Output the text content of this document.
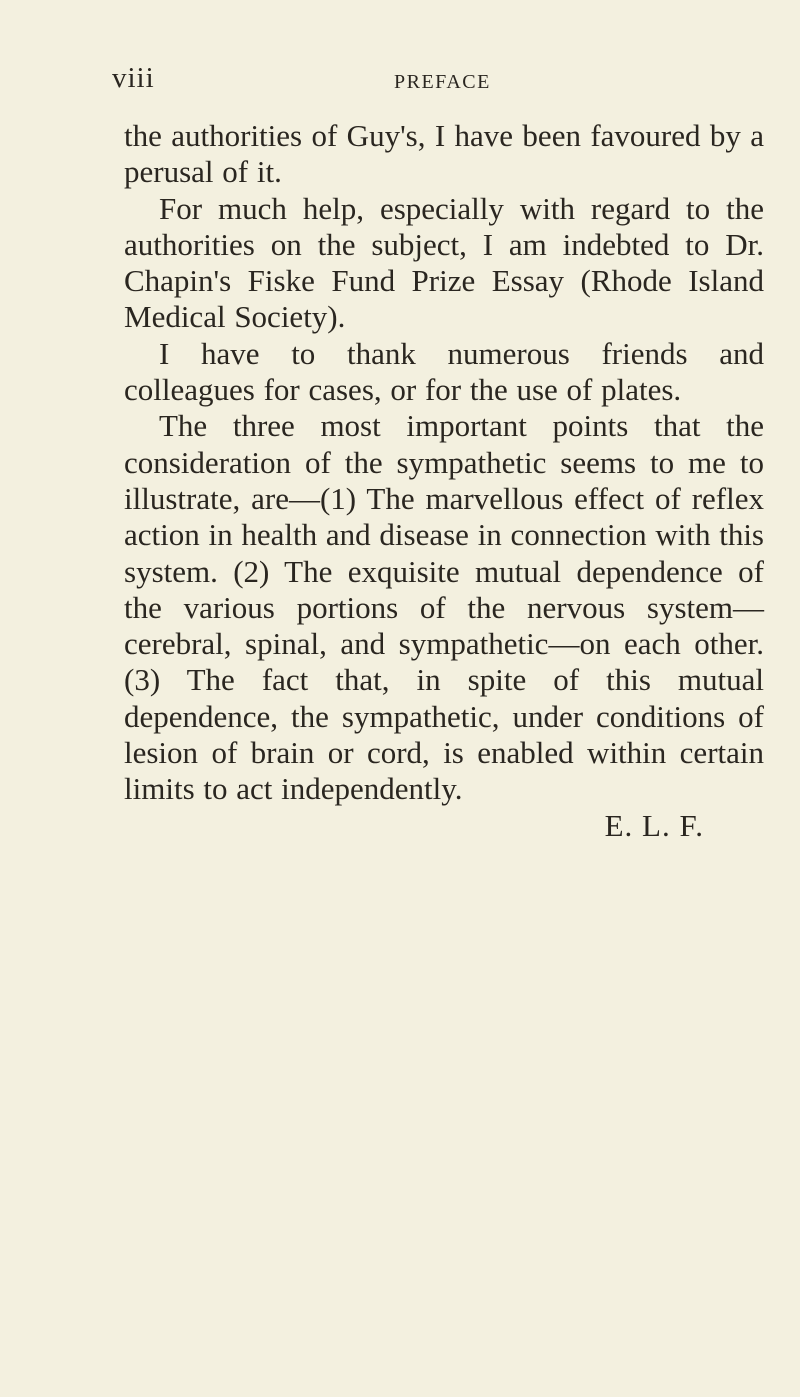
viii	PREFACE

the authorities of Guy's, I have been favoured by a perusal of it.

For much help, especially with regard to the authorities on the subject, I am indebted to Dr. Chapin's Fiske Fund Prize Essay (Rhode Island Medical Society).

I have to thank numerous friends and colleagues for cases, or for the use of plates.

The three most important points that the consideration of the sympathetic seems to me to illustrate, are—(1) The marvellous effect of reflex action in health and disease in connection with this system. (2) The exquisite mutual dependence of the various portions of the nervous system—cerebral, spinal, and sympathetic—on each other. (3) The fact that, in spite of this mutual dependence, the sympathetic, under conditions of lesion of brain or cord, is enabled within certain limits to act independently.

E. L. F.
